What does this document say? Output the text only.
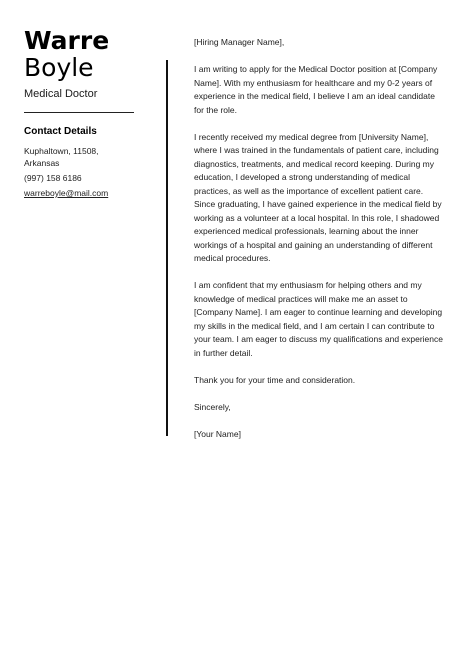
Warre
Boyle
Medical Doctor
Contact Details
Kuphaltown, 11508,
Arkansas
(997) 158 6186
warreboyle@mail.com

[Hiring Manager Name],

I am writing to apply for the Medical Doctor position at [Company Name]. With my enthusiasm for healthcare and my 0-2 years of experience in the medical field, I believe I am an ideal candidate for the role.

I recently received my medical degree from [University Name], where I was trained in the fundamentals of patient care, including diagnostics, treatments, and medical record keeping. During my education, I developed a strong understanding of medical practices, as well as the importance of excellent patient care. Since graduating, I have gained experience in the medical field by working as a volunteer at a local hospital. In this role, I shadowed experienced medical professionals, learning about the inner workings of a hospital and gaining an understanding of different medical procedures.

I am confident that my enthusiasm for helping others and my knowledge of medical practices will make me an asset to [Company Name]. I am eager to continue learning and developing my skills in the medical field, and I am certain I can contribute to your team. I am eager to discuss my qualifications and experience in further detail.

Thank you for your time and consideration.

Sincerely,

[Your Name]
